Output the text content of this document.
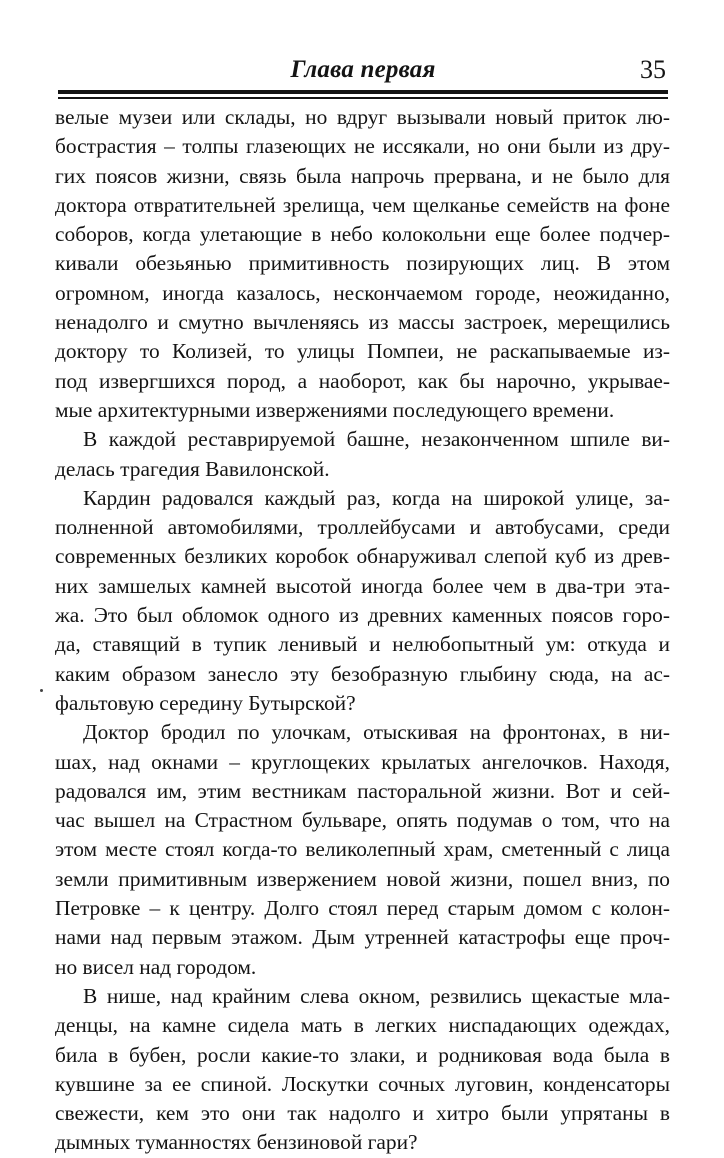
Глава первая	35
велые музеи или склады, но вдруг вызывали новый приток лю-
бострастия – толпы глазеющих не иссякали, но они были из дру-
гих поясов жизни, связь была напрочь прервана, и не было для
доктора отвратительней зрелища, чем щелканье семейств на фоне
соборов, когда улетающие в небо колокольни еще более подчер-
кивали обезьянью примитивность позирующих лиц. В этом
огромном, иногда казалось, нескончаемом городе, неожиданно,
ненадолго и смутно вычленяясь из массы застроек, мерещились
доктору то Колизей, то улицы Помпеи, не раскапываемые из-
под извергшихся пород, а наоборот, как бы нарочно, укрывае-
мые архитектурными извержениями последующего времени.
В каждой реставрируемой башне, незаконченном шпиле ви-
делась трагедия Вавилонской.
Кардин радовался каждый раз, когда на широкой улице, за-
полненной автомобилями, троллейбусами и автобусами, среди
современных безликих коробок обнаруживал слепой куб из древ-
них замшелых камней высотой иногда более чем в два-три эта-
жа. Это был обломок одного из древних каменных поясов горо-
да, ставящий в тупик ленивый и нелюбопытный ум: откуда и
каким образом занесло эту безобразную глыбину сюда, на ас-
фальтовую середину Бутырской?
Доктор бродил по улочкам, отыскивая на фронтонах, в ни-
шах, над окнами – круглощеких крылатых ангелочков. Находя,
радовался им, этим вестникам пасторальной жизни. Вот и сей-
час вышел на Страстном бульваре, опять подумав о том, что на
этом месте стоял когда-то великолепный храм, сметенный с лица
земли примитивным извержением новой жизни, пошел вниз, по
Петровке – к центру. Долго стоял перед старым домом с колон-
нами над первым этажом. Дым утренней катастрофы еще проч-
но висел над городом.
В нише, над крайним слева окном, резвились щекастые мла-
денцы, на камне сидела мать в легких ниспадающих одеждах,
била в бубен, росли какие-то злаки, и родниковая вода была в
кувшине за ее спиной. Лоскутки сочных луговин, конденсаторы
свежести, кем это они так надолго и хитро были упрятаны в
дымных туманностях бензиновой гари?
